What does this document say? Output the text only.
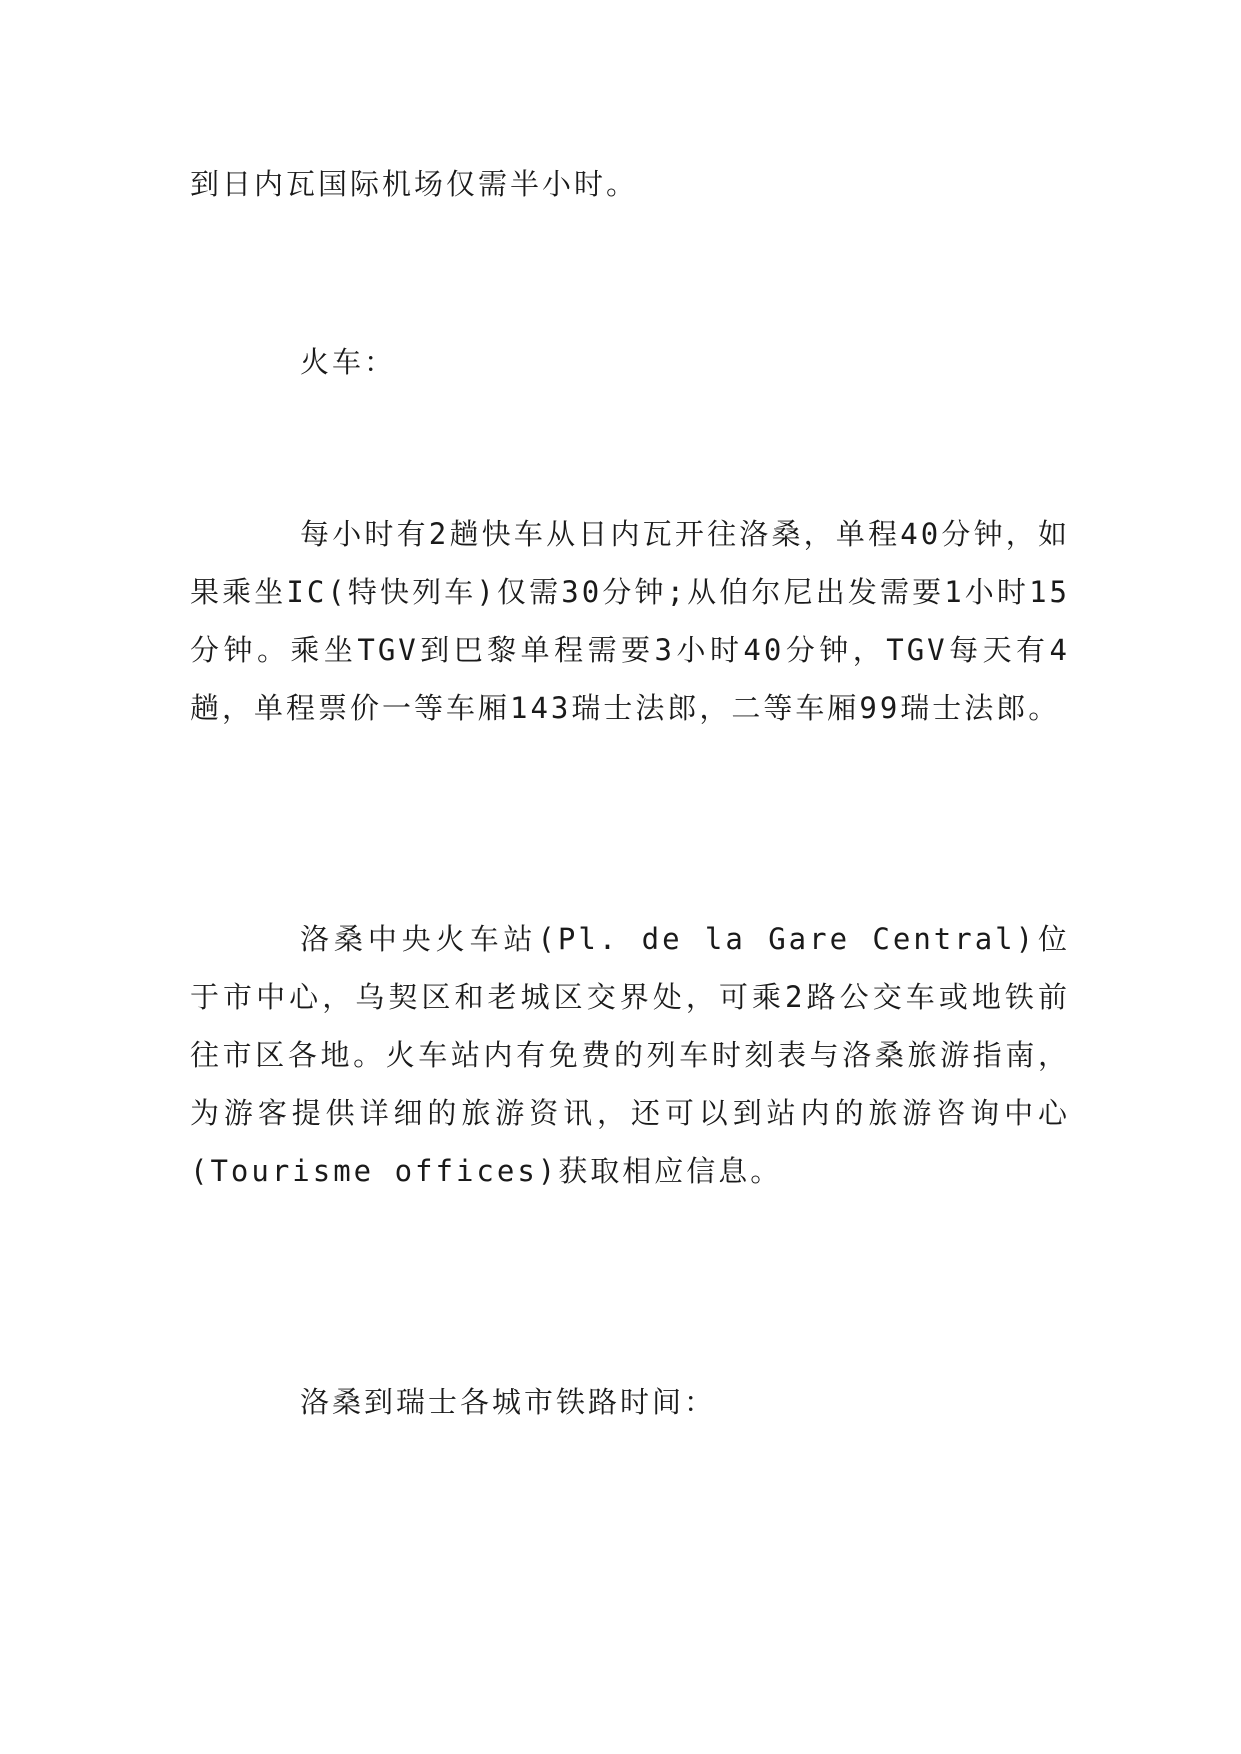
到日内瓦国际机场仅需半小时。

火车：

每小时有2趟快车从日内瓦开往洛桑，单程40分钟，如果乘坐IC(特快列车)仅需30分钟;从伯尔尼出发需要1小时15分钟。乘坐TGV到巴黎单程需要3小时40分钟，TGV每天有4趟，单程票价一等车厢143瑞士法郎，二等车厢99瑞士法郎。

洛桑中央火车站(Pl. de la Gare Central)位于市中心，乌契区和老城区交界处，可乘2路公交车或地铁前往市区各地。火车站内有免费的列车时刻表与洛桑旅游指南，为游客提供详细的旅游资讯，还可以到站内的旅游咨询中心(Tourisme offices)获取相应信息。

洛桑到瑞士各城市铁路时间：
